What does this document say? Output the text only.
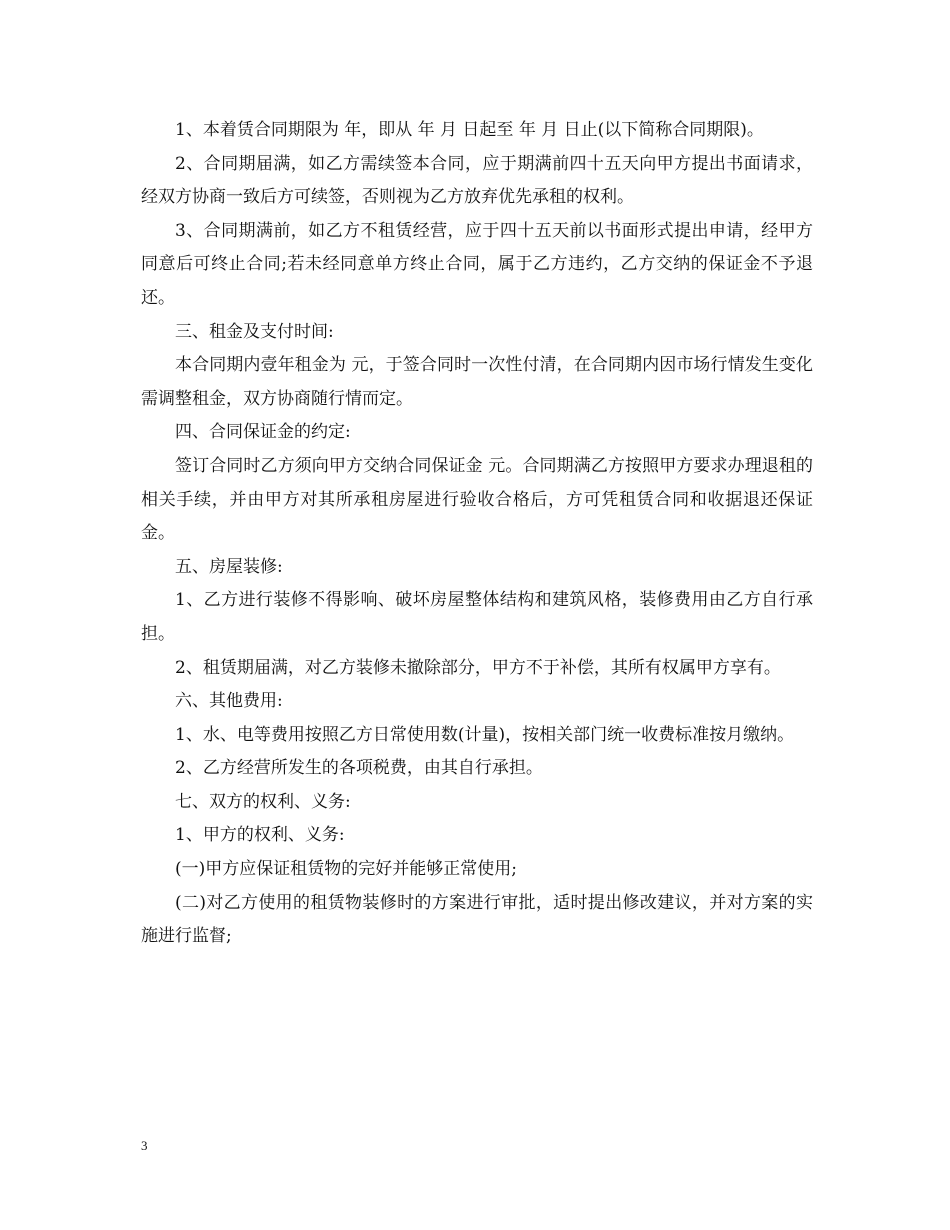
1、本着赁合同期限为 年，即从 年 月 日起至 年 月 日止(以下简称合同期限)。

2、合同期届满，如乙方需续签本合同，应于期满前四十五天向甲方提出书面请求，经双方协商一致后方可续签，否则视为乙方放弃优先承租的权利。

3、合同期满前，如乙方不租赁经营，应于四十五天前以书面形式提出申请，经甲方同意后可终止合同;若未经同意单方终止合同，属于乙方违约，乙方交纳的保证金不予退还。

三、租金及支付时间:

本合同期内壹年租金为 元，于签合同时一次性付清，在合同期内因市场行情发生变化需调整租金，双方协商随行情而定。

四、合同保证金的约定:

签订合同时乙方须向甲方交纳合同保证金 元。合同期满乙方按照甲方要求办理退租的相关手续，并由甲方对其所承租房屋进行验收合格后，方可凭租赁合同和收据退还保证金。

五、房屋装修:

1、乙方进行装修不得影响、破坏房屋整体结构和建筑风格，装修费用由乙方自行承担。

2、租赁期届满，对乙方装修未撤除部分，甲方不于补偿，其所有权属甲方享有。

六、其他费用:

1、水、电等费用按照乙方日常使用数(计量)，按相关部门统一收费标准按月缴纳。

2、乙方经营所发生的各项税费，由其自行承担。

七、双方的权利、义务:

1、甲方的权利、义务:

(一)甲方应保证租赁物的完好并能够正常使用;

(二)对乙方使用的租赁物装修时的方案进行审批，适时提出修改建议，并对方案的实施进行监督;

3
